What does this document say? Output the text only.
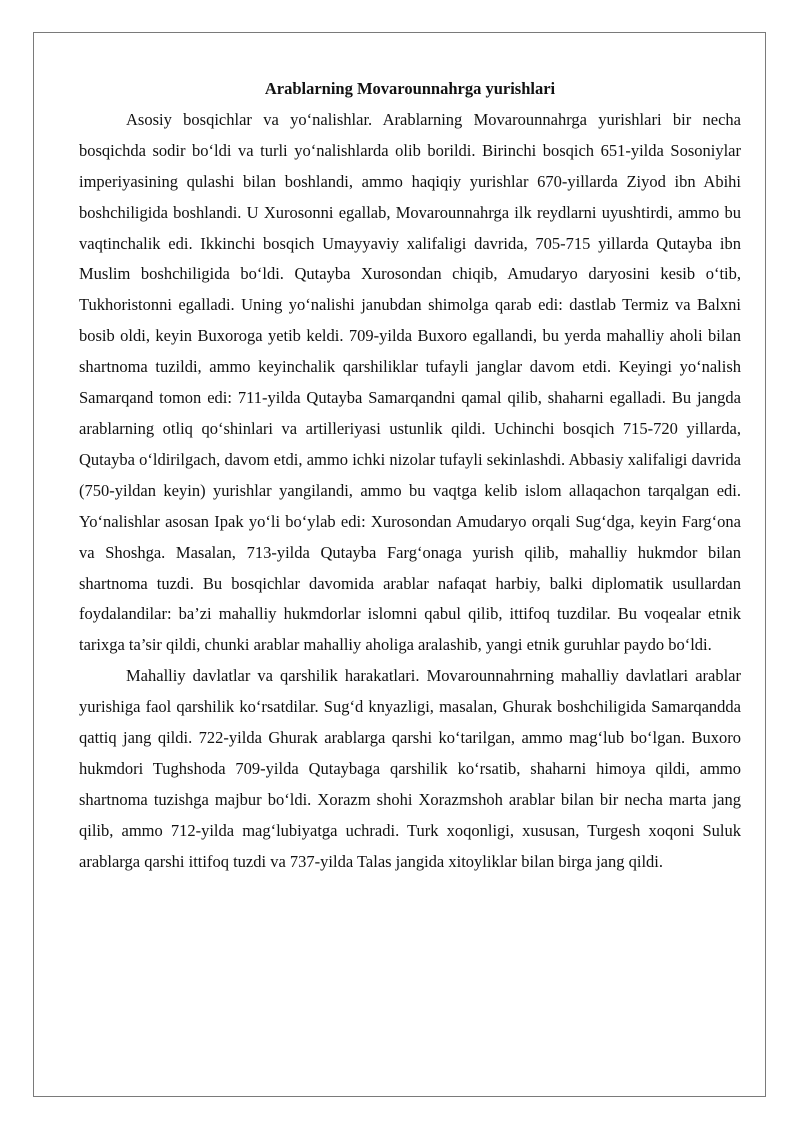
Arablarning Movarounnahrga yurishlari

Asosiy bosqichlar va yo‘nalishlar. Arablarning Movarounnahrga yurishlari bir necha bosqichda sodir bo‘ldi va turli yo‘nalishlarda olib borildi. Birinchi bosqich 651-yilda Sosoniylar imperiyasining qulashi bilan boshlandi, ammo haqiqiy yurishlar 670-yillarda Ziyod ibn Abihi boshchiligida boshlandi. U Xurosonni egallab, Movarounnahrga ilk reydlarni uyushtirdi, ammo bu vaqtinchalik edi. Ikkinchi bosqich Umayyaviy xalifaligi davrida, 705-715 yillarda Qutayba ibn Muslim boshchiligida bo‘ldi. Qutayba Xurosondan chiqib, Amudaryo daryosini kesib o‘tib, Tukhoristonni egalladi. Uning yo‘nalishi janubdan shimolga qarab edi: dastlab Termiz va Balxni bosib oldi, keyin Buxoroga yetib keldi. 709-yilda Buxoro egallandi, bu yerda mahalliy aholi bilan shartnoma tuzildi, ammo keyinchalik qarshiliklar tufayli janglar davom etdi. Keyingi yo‘nalish Samarqand tomon edi: 711-yilda Qutayba Samarqandni qamal qilib, shaharni egalladi. Bu jangda arablarning otliq qo‘shinlari va artilleriyasi ustunlik qildi. Uchinchi bosqich 715-720 yillarda, Qutayba o‘ldirilgach, davom etdi, ammo ichki nizolar tufayli sekinlashdi. Abbasiy xalifaligi davrida (750-yildan keyin) yurishlar yangilandi, ammo bu vaqtga kelib islom allaqachon tarqalgan edi. Yo‘nalishlar asosan Ipak yo‘li bo‘ylab edi: Xurosondan Amudaryo orqali Sug‘dga, keyin Farg‘ona va Shoshga. Masalan, 713-yilda Qutayba Farg‘onaga yurish qilib, mahalliy hukmdor bilan shartnoma tuzdi. Bu bosqichlar davomida arablar nafaqat harbiy, balki diplomatik usullardan foydalandilar: ba’zi mahalliy hukmdorlar islomni qabul qilib, ittifoq tuzdilar. Bu voqealar etnik tarixga ta’sir qildi, chunki arablar mahalliy aholiga aralashib, yangi etnik guruhlar paydo bo‘ldi.

Mahalliy davlatlar va qarshilik harakatlari. Movarounnahrning mahalliy davlatlari arablar yurishiga faol qarshilik ko‘rsatdilar. Sug‘d knyazligi, masalan, Ghurak boshchiligida Samarqandda qattiq jang qildi. 722-yilda Ghurak arablarga qarshi ko‘tarilgan, ammo mag‘lub bo‘lgan. Buxoro hukmdori Tughshoda 709-yilda Qutaybaga qarshilik ko‘rsatib, shaharni himoya qildi, ammo shartnoma tuzishga majbur bo‘ldi. Xorazm shohi Xorazmshoh arablar bilan bir necha marta jang qilib, ammo 712-yilda mag‘lubiyatga uchradi. Turk xoqonligi, xususan, Turgesh xoqoni Suluk arablarga qarshi ittifoq tuzdi va 737-yilda Talas jangida xitoyliklar bilan birga jang qildi.
